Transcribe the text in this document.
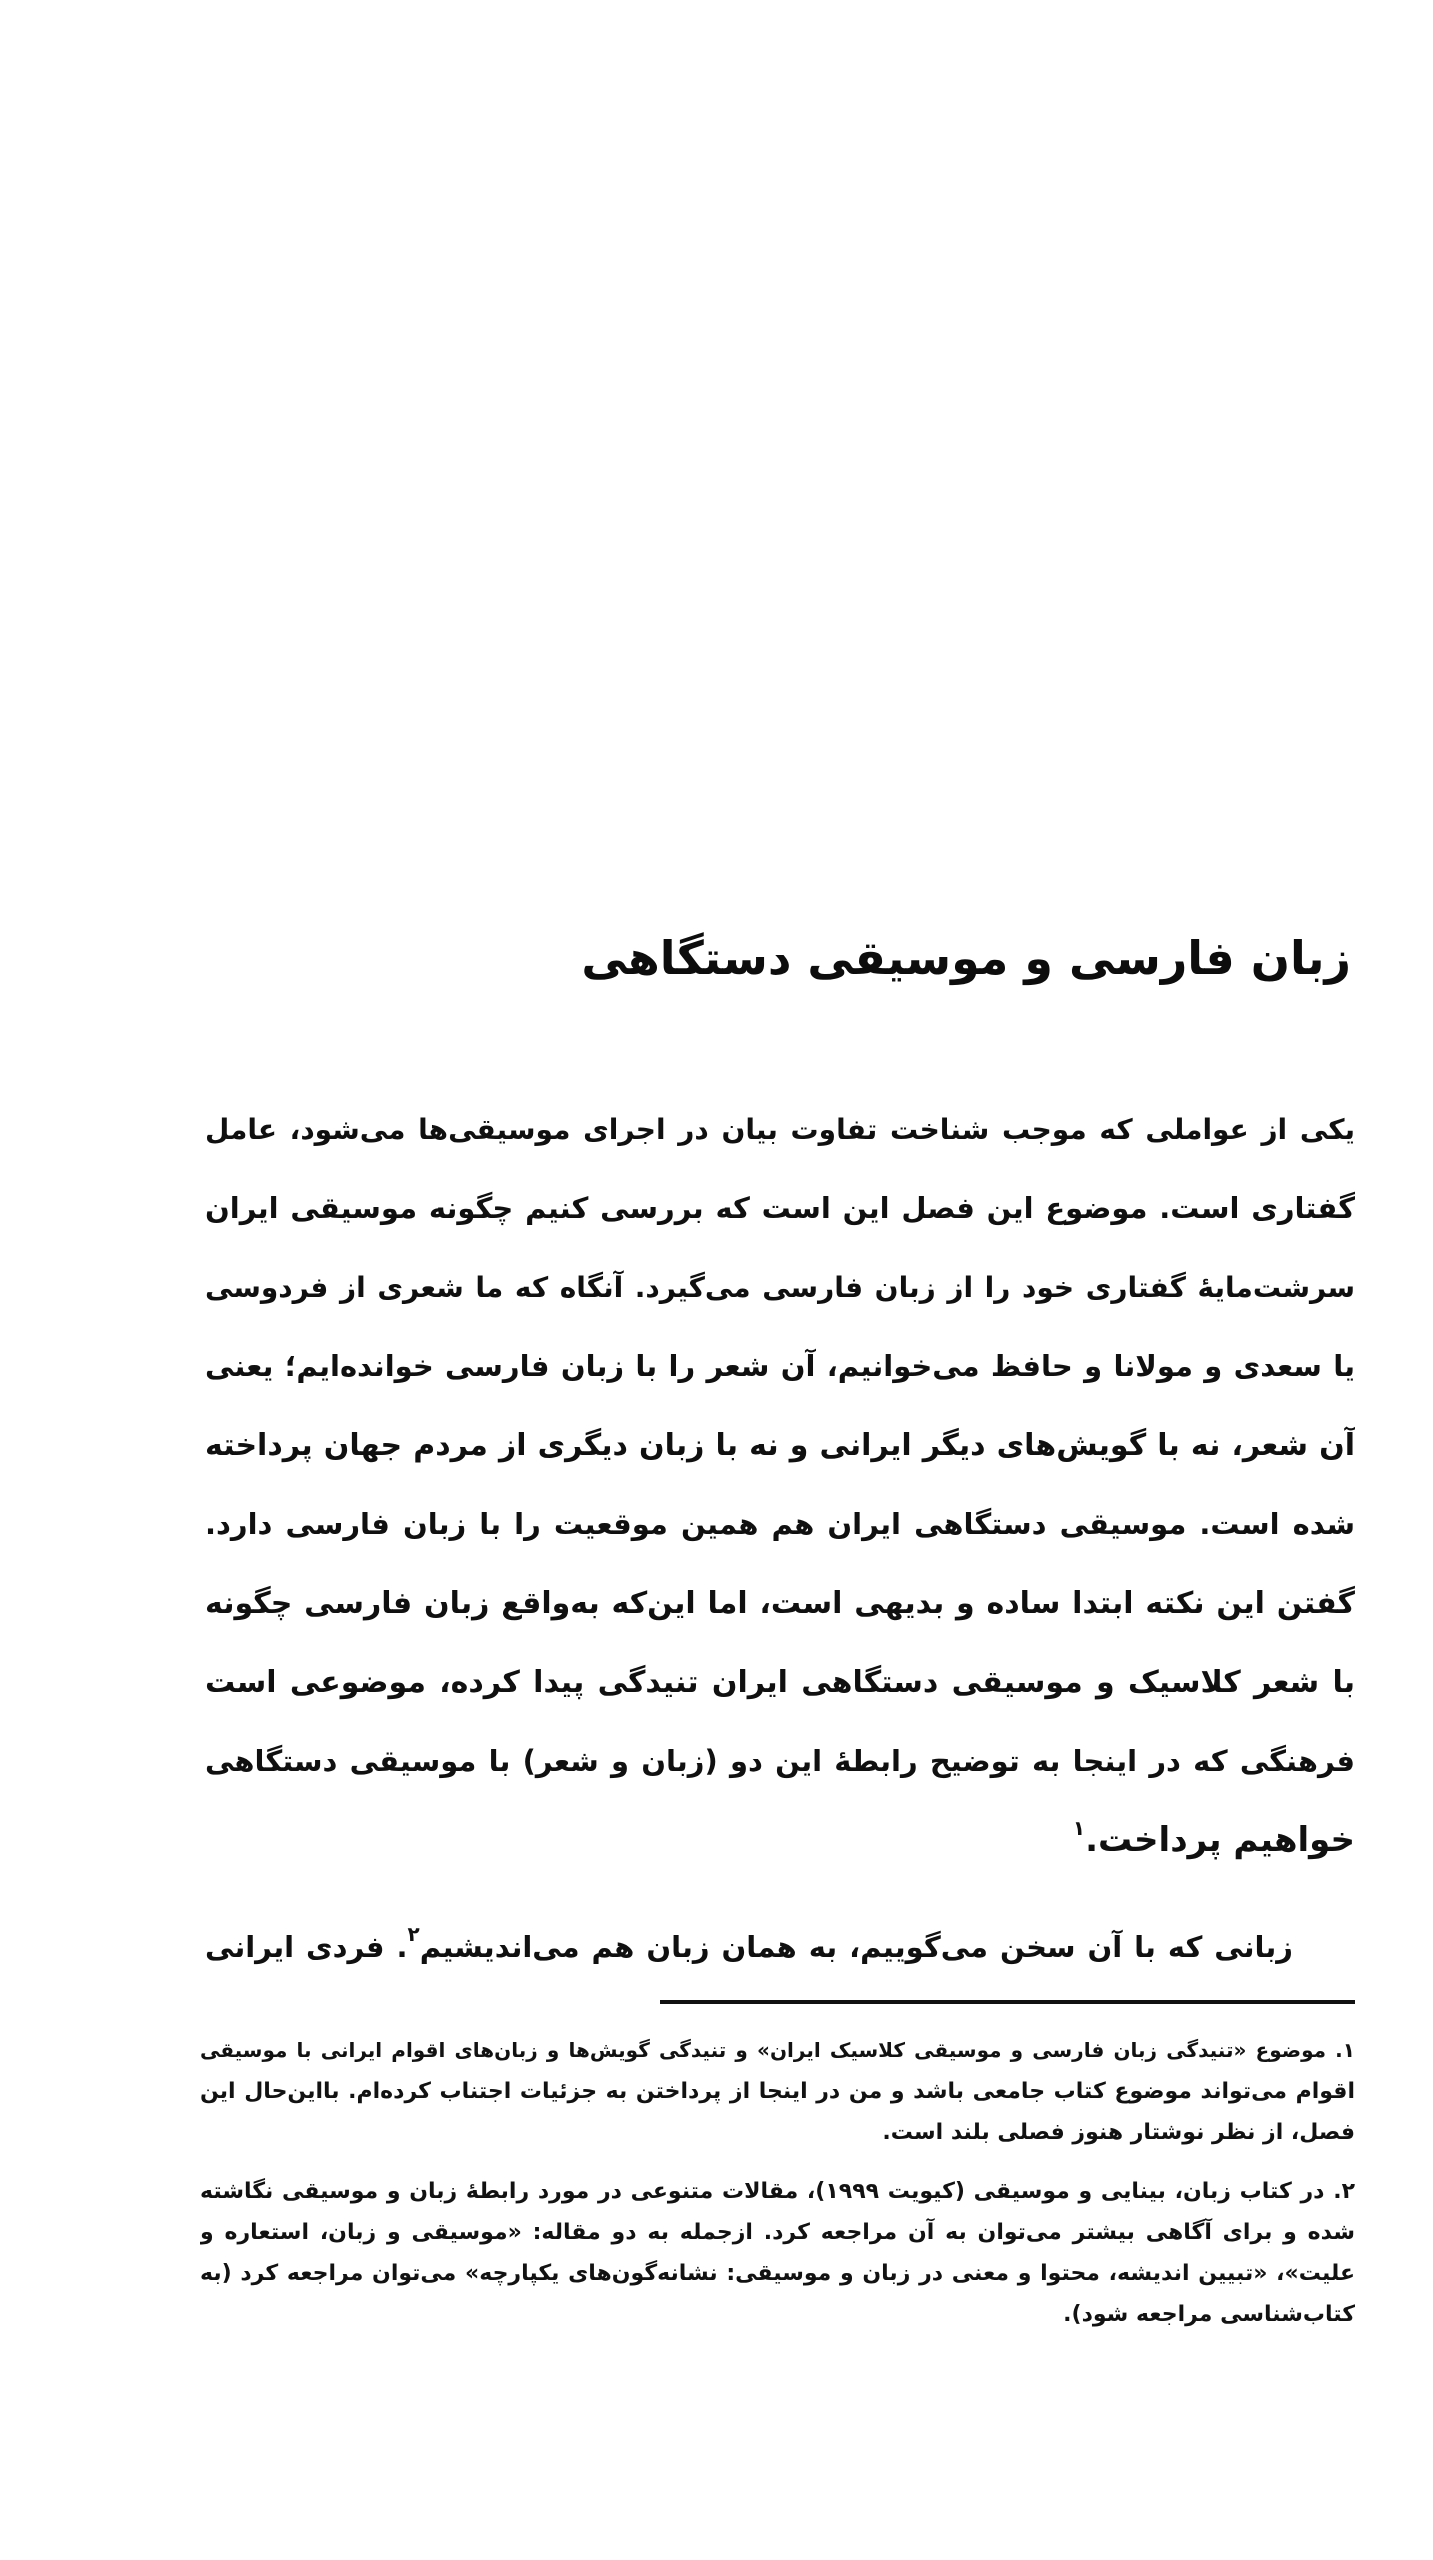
زبان فارسی و موسیقی دستگاهی
یکی از عواملی که موجب شناخت تفاوت بیان در اجرای موسیقی‌ها می‌شود، عامل
گفتاری است. موضوع این فصل این است که بررسی کنیم چگونه موسیقی ایران
سرشت‌مایهٔ گفتاری خود را از زبان فارسی می‌گیرد. آنگاه که ما شعری از فردوسی
یا سعدی و مولانا و حافظ می‌خوانیم، آن شعر را با زبان فارسی خوانده‌ایم؛ یعنی
آن شعر، نه با گویش‌های دیگر ایرانی و نه با زبان دیگری از مردم جهان پرداخته
شده است. موسیقی دستگاهی ایران هم همین موقعیت را با زبان فارسی دارد.
گفتن این نکته ابتدا ساده و بدیهی است، اما این‌که به‌واقع زبان فارسی چگونه
با شعر کلاسیک و موسیقی دستگاهی ایران تنیدگی پیدا کرده، موضوعی است
فرهنگی که در اینجا به توضیح رابطهٔ این دو (زبان و شعر) با موسیقی دستگاهی
خواهیم پرداخت.$^۱$
زبانی که با آن سخن می‌گوییم، به همان زبان هم می‌اندیشیم$^۲$. فردی ایرانی
۱. موضوع «تنیدگی زبان فارسی و موسیقی کلاسیک ایران» و تنیدگی گویش‌ها و زبان‌های اقوام ایرانی با موسیقی
اقوام می‌تواند موضوع کتاب جامعی باشد و من در اینجا از پرداختن به جزئیات اجتناب کرده‌ام. بااین‌حال این
فصل، از نظر نوشتار هنوز فصلی بلند است.
۲. در کتاب زبان، بینایی و موسیقی (کیویت ۱۹۹۹)، مقالات متنوعی در مورد رابطهٔ زبان و موسیقی نگاشته
شده و برای آگاهی بیشتر می‌توان به آن مراجعه کرد. ازجمله به دو مقاله: «موسیقی و زبان، استعاره و
علیت»، «تبیین اندیشه، محتوا و معنی در زبان و موسیقی: نشانه‌گون‌های یکپارچه» می‌توان مراجعه کرد (به
کتاب‌شناسی مراجعه شود).
